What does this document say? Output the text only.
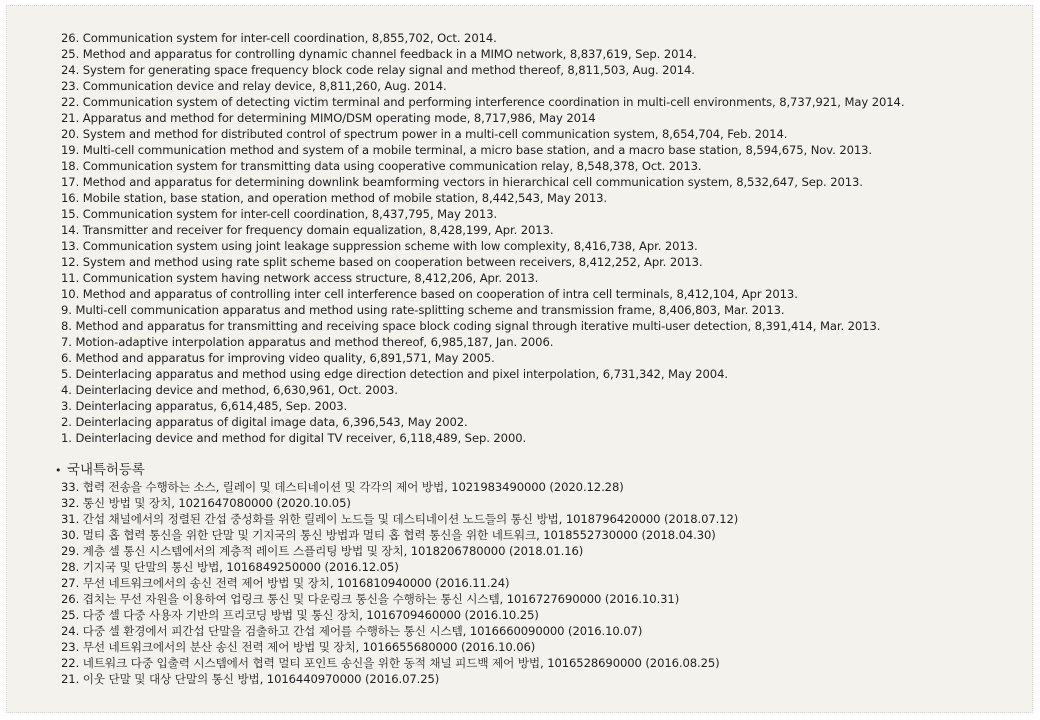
26. Communication system for inter-cell coordination, 8,855,702, Oct. 2014.
25. Method and apparatus for controlling dynamic channel feedback in a MIMO network, 8,837,619, Sep. 2014.
24. System for generating space frequency block code relay signal and method thereof, 8,811,503, Aug. 2014.
23. Communication device and relay device, 8,811,260, Aug. 2014.
22. Communication system of detecting victim terminal and performing interference coordination in multi-cell environments, 8,737,921, May 2014.
21. Apparatus and method for determining MIMO/DSM operating mode, 8,717,986, May 2014
20. System and method for distributed control of spectrum power in a multi-cell communication system, 8,654,704, Feb. 2014.
19. Multi-cell communication method and system of a mobile terminal, a micro base station, and a macro base station, 8,594,675, Nov. 2013.
18. Communication system for transmitting data using cooperative communication relay, 8,548,378, Oct. 2013.
17. Method and apparatus for determining downlink beamforming vectors in hierarchical cell communication system, 8,532,647, Sep. 2013.
16. Mobile station, base station, and operation method of mobile station, 8,442,543, May 2013.
15. Communication system for inter-cell coordination, 8,437,795, May 2013.
14. Transmitter and receiver for frequency domain equalization, 8,428,199, Apr. 2013.
13. Communication system using joint leakage suppression scheme with low complexity, 8,416,738, Apr. 2013.
12. System and method using rate split scheme based on cooperation between receivers, 8,412,252, Apr. 2013.
11. Communication system having network access structure, 8,412,206, Apr. 2013.
10. Method and apparatus of controlling inter cell interference based on cooperation of intra cell terminals, 8,412,104, Apr 2013.
9. Multi-cell communication apparatus and method using rate-splitting scheme and transmission frame, 8,406,803, Mar. 2013.
8. Method and apparatus for transmitting and receiving space block coding signal through iterative multi-user detection, 8,391,414, Mar. 2013.
7. Motion-adaptive interpolation apparatus and method thereof, 6,985,187, Jan. 2006.
6. Method and apparatus for improving video quality, 6,891,571, May 2005.
5. Deinterlacing apparatus and method using edge direction detection and pixel interpolation, 6,731,342, May 2004.
4. Deinterlacing device and method, 6,630,961, Oct. 2003.
3. Deinterlacing apparatus, 6,614,485, Sep. 2003.
2. Deinterlacing apparatus of digital image data, 6,396,543, May 2002.
1. Deinterlacing device and method for digital TV receiver, 6,118,489, Sep. 2000.
• 국내특허등록
33. 협력 전송을 수행하는 소스, 릴레이 및 데스티네이션 및 각각의 제어 방법, 1021983490000 (2020.12.28)
32. 통신 방법 및 장치, 1021647080000 (2020.10.05)
31. 간섭 채널에서의 정렬된 간섭 중성화를 위한 릴레이 노드들 및 데스티네이션 노드들의 통신 방법, 1018796420000 (2018.07.12)
30. 멀티 홉 협력 통신을 위한 단말 및 기지국의 통신 방법과 멀티 홉 협력 통신을 위한 네트워크, 1018552730000 (2018.04.30)
29. 계층 셀 통신 시스템에서의 계층적 레이트 스플리팅 방법 및 장치, 1018206780000 (2018.01.16)
28. 기지국 및 단말의 통신 방법, 1016849250000 (2016.12.05)
27. 무선 네트워크에서의 송신 전력 제어 방법 및 장치, 1016810940000 (2016.11.24)
26. 겹치는 무선 자원을 이용하여 업링크 통신 및 다운링크 통신을 수행하는 통신 시스템, 1016727690000 (2016.10.31)
25. 다중 셀 다중 사용자 기반의 프리코딩 방법 및 통신 장치, 1016709460000 (2016.10.25)
24. 다중 셀 환경에서 피간섭 단말을 검출하고 간섭 제어를 수행하는 통신 시스템, 1016660090000 (2016.10.07)
23. 무선 네트워크에서의 분산 송신 전력 제어 방법 및 장치, 1016655680000 (2016.10.06)
22. 네트워크 다중 입출력 시스템에서 협력 멀티 포인트 송신을 위한 동적 채널 피드백 제어 방법, 1016528690000 (2016.08.25)
21. 이웃 단말 및 대상 단말의 통신 방법, 1016440970000 (2016.07.25)
